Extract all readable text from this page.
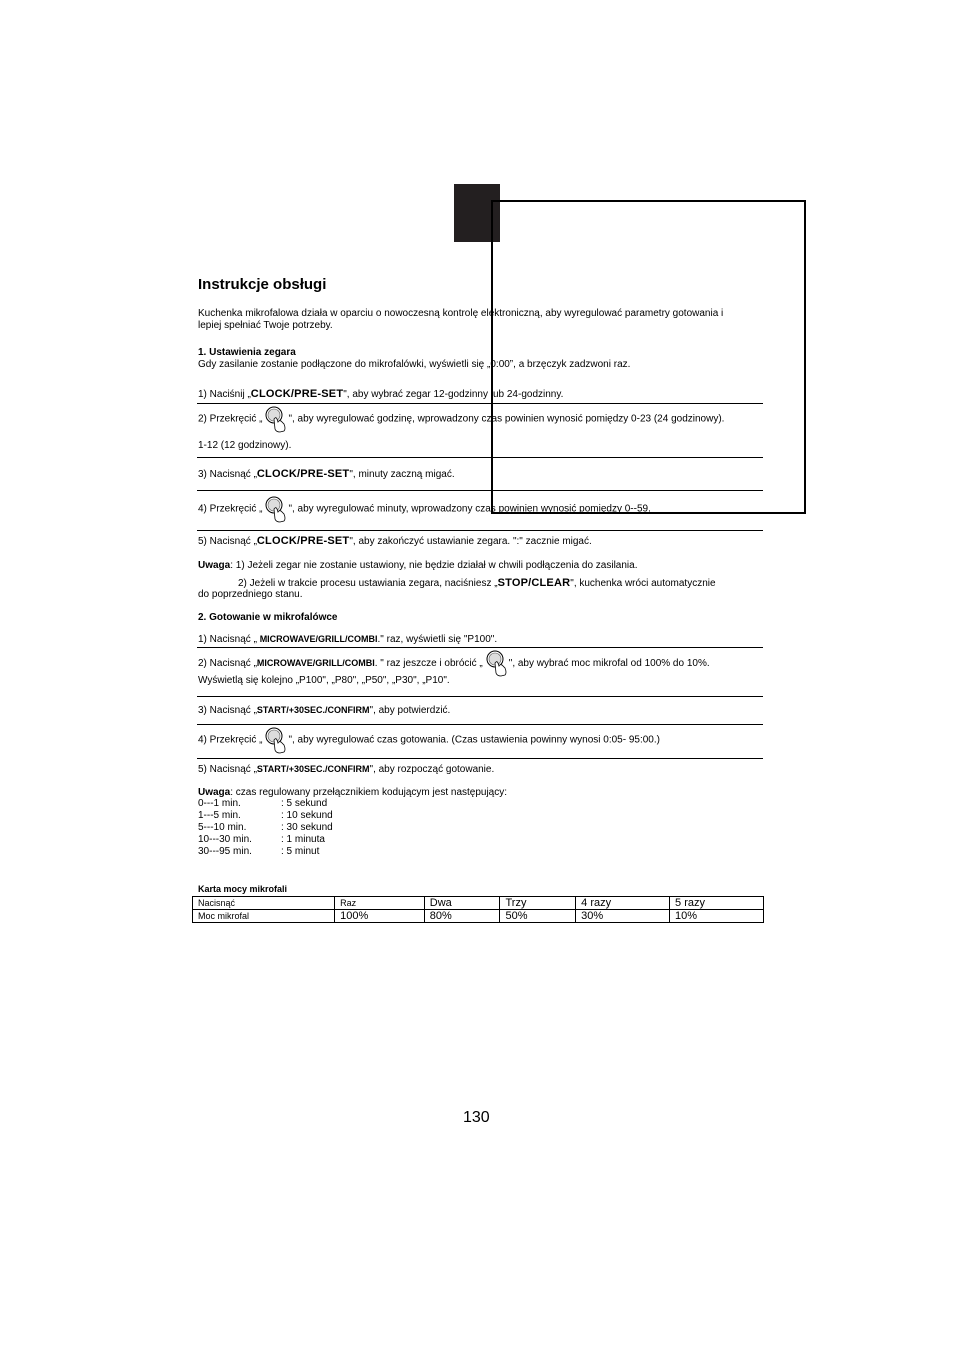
Instrukcje obsługi
Kuchenka mikrofalowa działa w oparciu o nowoczesną kontrolę elektroniczną, aby wyregulować parametry gotowania i
lepiej spełniać Twoje potrzeby.
1. Ustawienia zegara
Gdy zasilanie zostanie podłączone do mikrofalówki, wyświetli się „0:00”, a brzęczyk zadzwoni raz.
1) Naciśnij „CLOCK/PRE-SET", aby wybrać zegar 12-godzinny lub 24-godzinny.
2) Przekręcić „	", aby wyregulować godzinę, wprowadzony czas powinien wynosić pomiędzy 0-23 (24 godzinowy).
1-12 (12 godzinowy).
3) Nacisnąć „CLOCK/PRE-SET", minuty zaczną migać.
4) Przekręcić „	", aby wyregulować minuty, wprowadzony czas powinien wynosić pomiędzy 0--59.
5) Nacisnąć „CLOCK/PRE-SET", aby zakończyć ustawianie zegara. ":" zacznie migać.
Uwaga: 1) Jeżeli zegar nie zostanie ustawiony, nie będzie działał w chwili podłączenia do zasilania.
2) Jeżeli w trakcie procesu ustawiania zegara, naciśniesz „STOP/CLEAR", kuchenka wróci automatycznie
do poprzedniego stanu.
2. Gotowanie w mikrofalówce
1) Nacisnąć „ MICROWAVE/GRILL/COMBI." raz, wyświetli się "P100".
2) Nacisnąć „MICROWAVE/GRILL/COMBI. " raz jeszcze i obrócić „	", aby wybrać moc mikrofal od 100% do 10%.
Wyświetlą się kolejno „P100", „P80", „P50", „P30", „P10".
3) Nacisnąć „START/+30SEC./CONFIRM", aby potwierdzić.
4) Przekręcić „	", aby wyregulować czas gotowania. (Czas ustawienia powinny wynosi 0:05- 95:00.)
5) Nacisnąć „START/+30SEC./CONFIRM", aby rozpocząć gotowanie.
Uwaga: czas regulowany przełącznikiem kodującym jest następujący:
0---1 min.	: 5 sekund
1---5 min.	: 10 sekund
5---10 min.	: 30 sekund
10---30 min.	: 1 minuta
30---95 min.	: 5 minut
Karta mocy mikrofali
Nacisnąć	Raz	Dwa	Trzy	4 razy	5 razy
Moc mikrofal	100%	80%	50%	30%	10%
130
